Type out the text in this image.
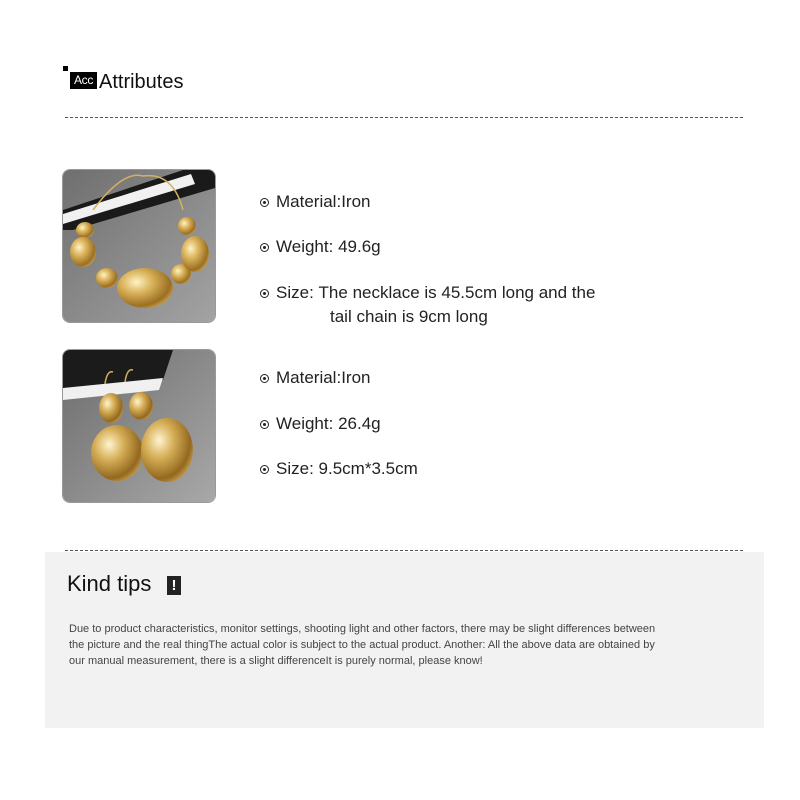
Acc Attributes
Material:Iron
Weight: 49.6g
Size: The necklace is 45.5cm long and the
tail chain is 9cm long
Material:Iron
Weight: 26.4g
Size: 9.5cm*3.5cm
Kind tips	!
Due to product characteristics, monitor settings, shooting light and other factors, there may be slight differences between the picture and the real thingThe actual color is subject to the actual product. Another: All the above data are obtained by our manual measurement, there is a slight differenceIt is purely normal, please know!
